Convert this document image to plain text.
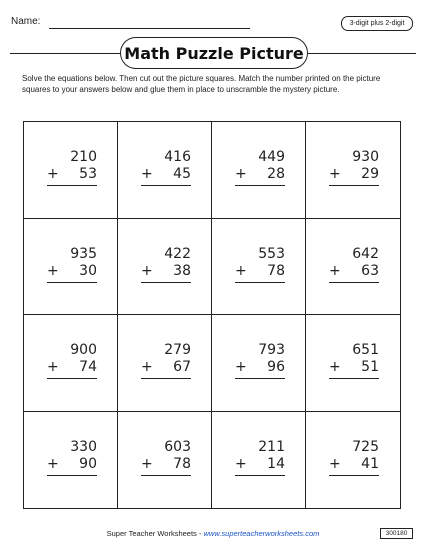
Name:	3-digit plus 2-digit
Math Puzzle Picture

Solve the equations below. Then cut out the picture squares. Match the number printed on the picture squares to your answers below and glue them in place to unscramble the mystery picture.

210
+ 53
416
+ 45
449
+ 28
930
+ 29
935
+ 30
422
+ 38
553
+ 78
642
+ 63
900
+ 74
279
+ 67
793
+ 96
651
+ 51
330
+ 90
603
+ 78
211
+ 14
725
+ 41
Super Teacher Worksheets - www.superteacherworksheets.com	300180
